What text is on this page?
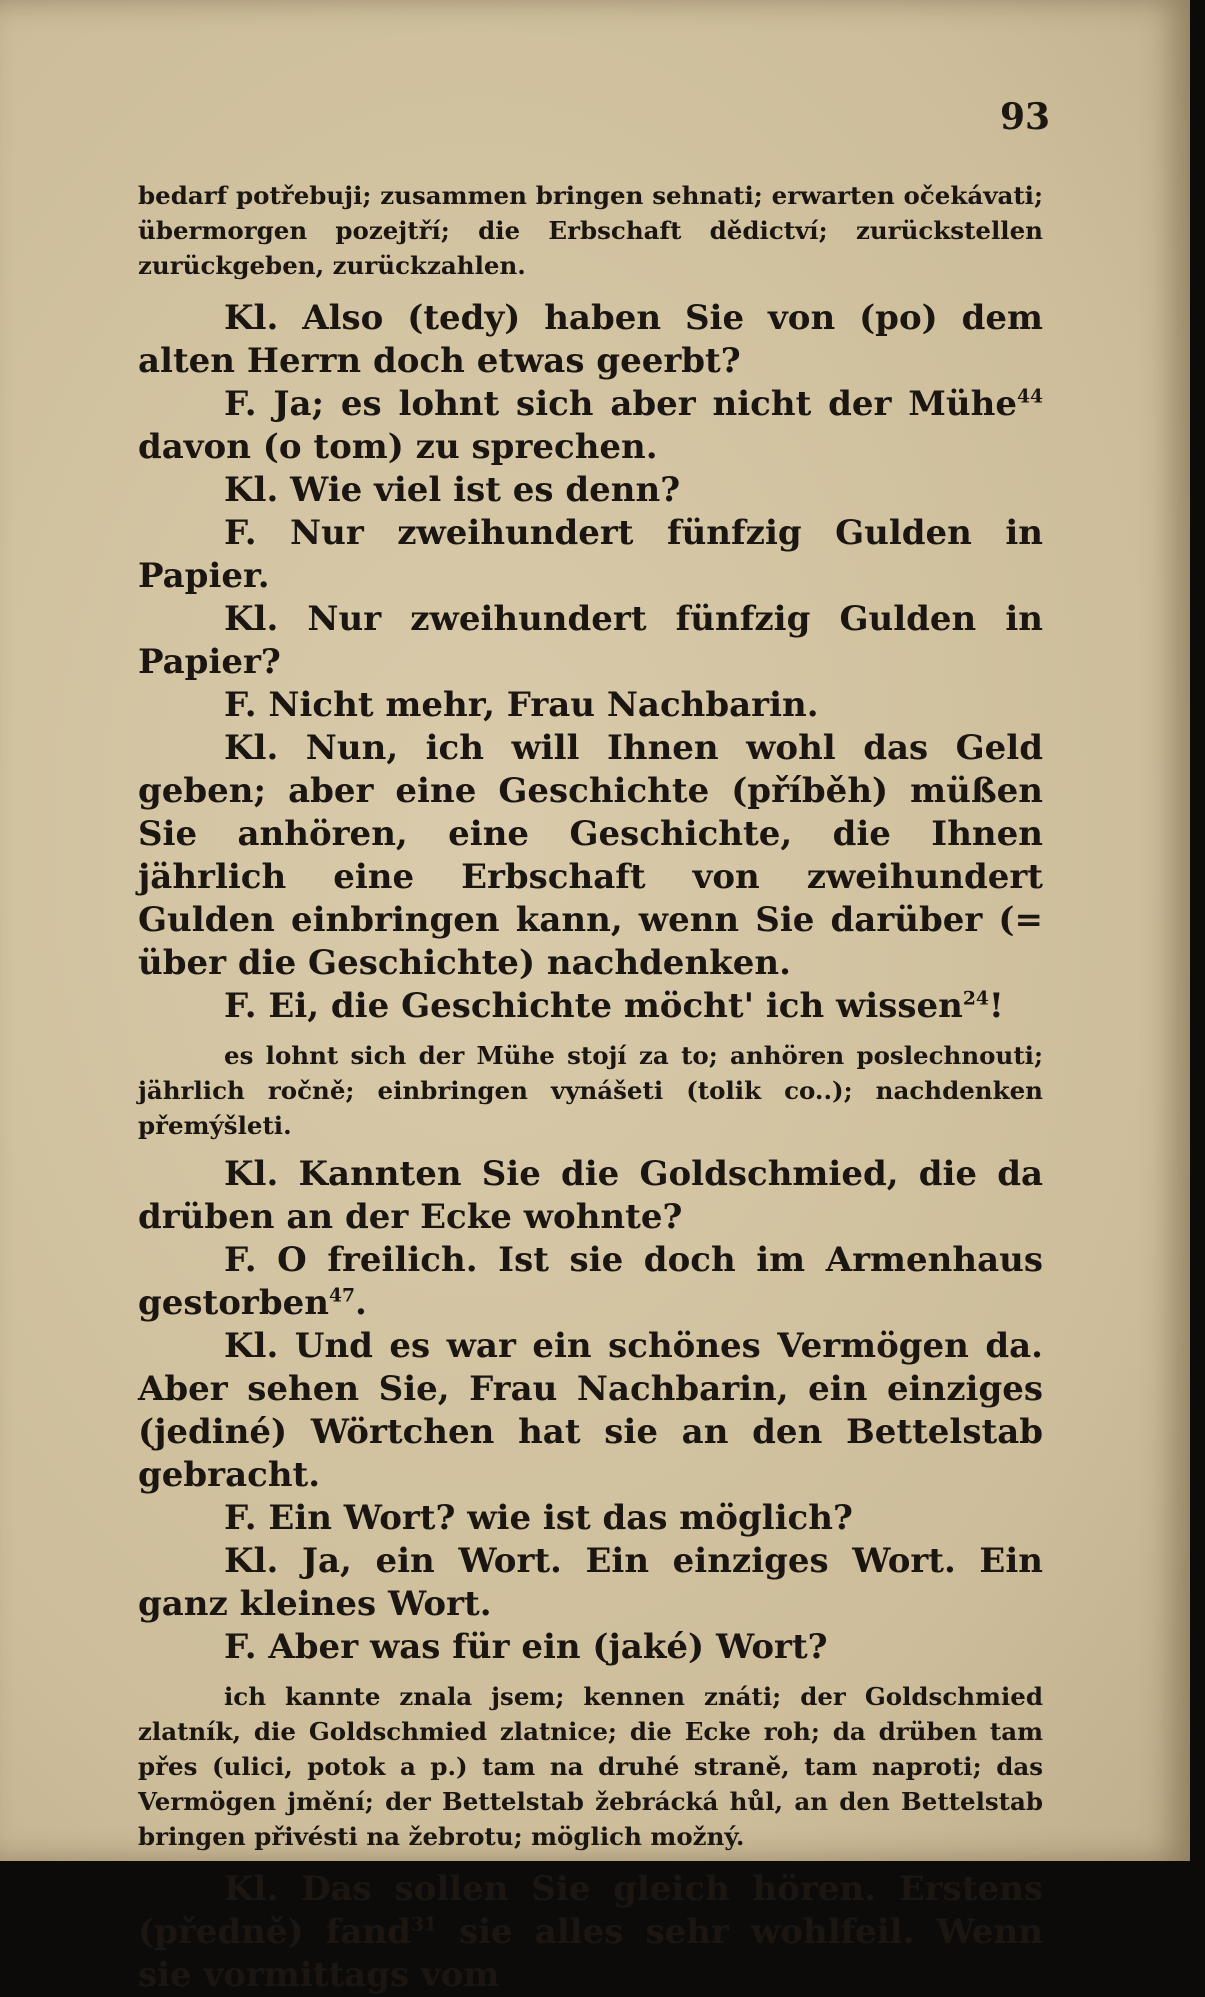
93
bedarf potřebuji; zusammen bringen sehnati; erwarten očekávati; übermorgen pozejtří; die Erbschaft dědictví; zurückstellen zurückgeben, zurückzahlen.
Kl. Also (tedy) haben Sie von (po) dem alten Herrn doch etwas geerbt?
F. Ja; es lohnt sich aber nicht der Mühe$^{44}$ davon (o tom) zu sprechen.
Kl. Wie viel ist es denn?
F. Nur zweihundert fünfzig Gulden in Papier.
Kl. Nur zweihundert fünfzig Gulden in Papier?
F. Nicht mehr, Frau Nachbarin.
Kl. Nun, ich will Ihnen wohl das Geld geben; aber eine Geschichte (příběh) müßen Sie anhören, eine Geschichte, die Ihnen jährlich eine Erbschaft von zweihundert Gulden einbringen kann, wenn Sie darüber (= über die Geschichte) nachdenken.
F. Ei, die Geschichte möcht' ich wissen$^{24}$!
es lohnt sich der Mühe stojí za to; anhören poslechnouti; jährlich ročně; einbringen vynášeti (tolik co..); nachdenken přemýšleti.
Kl. Kannten Sie die Goldschmied, die da drüben an der Ecke wohnte?
F. O freilich. Ist sie doch im Armenhaus gestorben$^{47}$.
Kl. Und es war ein schönes Vermögen da. Aber sehen Sie, Frau Nachbarin, ein einziges (jediné) Wörtchen hat sie an den Bettelstab gebracht.
F. Ein Wort? wie ist das möglich?
Kl. Ja, ein Wort. Ein einziges Wort. Ein ganz kleines Wort.
F. Aber was für ein (jaké) Wort?
ich kannte znala jsem; kennen znáti; der Goldschmied zlatník, die Goldschmied zlatnice; die Ecke roh; da drüben tam přes (ulici, potok a p.) tam na druhé straně, tam naproti; das Vermögen jmění; der Bettelstab žebrácká hůl, an den Bettelstab bringen přivésti na žebrotu; möglich možný.
Kl. Das sollen Sie gleich hören. Erstens (předně) fand$^{31}$ sie alles sehr wohlfeil. Wenn sie vormittags vom
